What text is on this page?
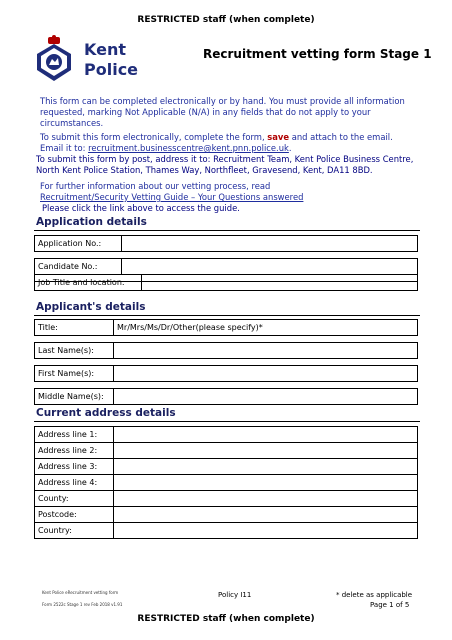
RESTRICTED staff (when complete)
Kent
Police
Recruitment vetting form Stage 1
This form can be completed electronically or by hand. You must provide all information requested, marking Not Applicable (N/A) in any fields that do not apply to your circumstances.
To submit this form electronically, complete the form, save and attach to the email.
Email it to: recruitment.businesscentre@kent.pnn.police.uk.
To submit this form by post, address it to: Recruitment Team, Kent Police Business Centre, North Kent Police Station, Thames Way, Northfleet, Gravesend, Kent, DA11 8BD.
For further information about our vetting process, read
Recruitment/Security Vetting Guide – Your Questions answered
Please click the link above to access the guide.
Application details
Application No.:	

Candidate No.:	

Job Title and location:	
Applicant's details
Title:	Mr/Mrs/Ms/Dr/Other(please specify)*

Last Name(s):	

First Name(s):	

Middle Name(s):	
Current address details
Address line 1:	
Address line 2:	
Address line 3:	
Address line 4:	
County:	
Postcode:	
Country:	
Kent Police eRecruitment vetting form
Form 2522c Stage 1 rev Feb 2018 v1.91
Policy I11	* delete as applicable
Page 1 of 5
RESTRICTED staff (when complete)
